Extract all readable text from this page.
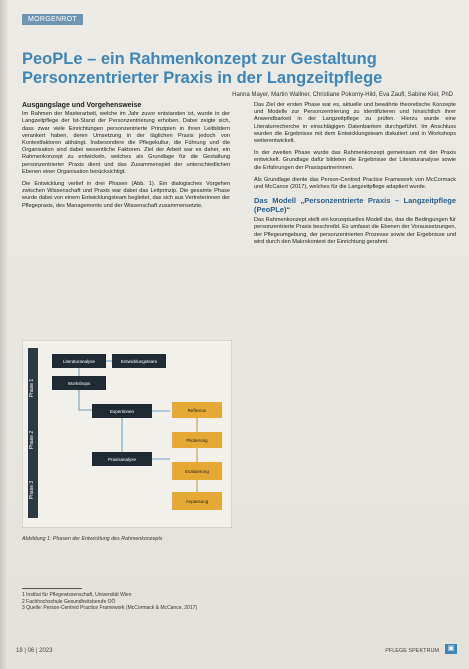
MORGENROT
PeoPLe – ein Rahmenkonzept zur Gestaltung Personzentrierter Praxis in der Langzeitpflege
Hanna Mayer, Martin Wallner, Christiane Pokorny-Hild, Eva Zaufl, Sabine Kiel, PhD
Ausgangslage und Vorgehensweise

Im Rahmen der Masterarbeit, welche im Jahr zuvor entstanden ist, wurde in der Langzeitpflege der Ist-Stand der Personzentrierung erhoben. Dabei zeigte sich, dass zwar viele Einrichtungen personzentrierte Prinzipien in ihren Leitbildern verankert haben, deren Umsetzung in der täglichen Praxis jedoch von Kontextfaktoren abhängt. Insbesondere die Pflegekultur, die Führung und die Organisation sind dabei wesentliche Faktoren. Ziel der Arbeit war es daher, ein Rahmenkonzept zu entwickeln, welches als Grundlage für die Gestaltung personzentrierter Praxis dient und das Zusammenspiel der unterschiedlichen Ebenen einer Organisation berücksichtigt.

Die Entwicklung verlief in drei Phasen (Abb. 1). Ein dialogisches Vorgehen zwischen Wissenschaft und Praxis war dabei das Leitprinzip. Die gesamte Phase wurde dabei von einem Entwicklungsteam begleitet, das sich aus Vertreterinnen der Pflegepraxis, des Managements und der Wissenschaft zusammensetzte.

Das Ziel der ersten Phase war es, aktuelle und bewährte theoretische Konzepte und Modelle zur Personzentrierung zu identifizieren und hinsichtlich ihrer Anwendbarkeit in der Langzeitpflege zu prüfen. Hierzu wurde eine Literaturrecherche in einschlägigen Datenbanken durchgeführt. Im Anschluss wurden die Ergebnisse mit dem Entwicklungsteam diskutiert und in Workshops weiterentwickelt.

In der zweiten Phase wurde das Rahmenkonzept gemeinsam mit der Praxis entwickelt. Grundlage dafür bildeten die Ergebnisse der Literaturanalyse sowie die Erfahrungen der Praxispartnerinnen.

Als Grundlage diente das Person-Centred Practice Framework von McCormack und McCance (2017), welches für die Langzeitpflege adaptiert wurde.

Das Modell „Personzentrierte Praxis – Langzeitpflege (PeoPLe)“

Das Rahmenkonzept stellt ein konzeptuelles Modell dar, das die Bedingungen für personzentrierte Praxis beschreibt. Es umfasst die Ebenen der Voraussetzungen, der Pflegeumgebung, der personzentrierten Prozesse sowie der Ergebnisse und wird durch den Makrokontext der Einrichtung gerahmt.

Phase 1
Phase 2
Phase 3
Literaturanalyse	Entwicklungsteam
Workshops
Expertinnen
Praxisanalyse
Reflexion
Pilotierung
Evaluierung
Anpassung
Abbildung 1: Phasen der Entwicklung des Rahmenkonzepts
1 Institut für Pflegewissenschaft, Universität Wien
2 Fachhochschule Gesundheitsberufe OÖ
3 Quelle: Person-Centred Practice Framework (McCormack & McCance, 2017)
18 | 06 | 2023	PFLEGE SPEKTRUM	▣
